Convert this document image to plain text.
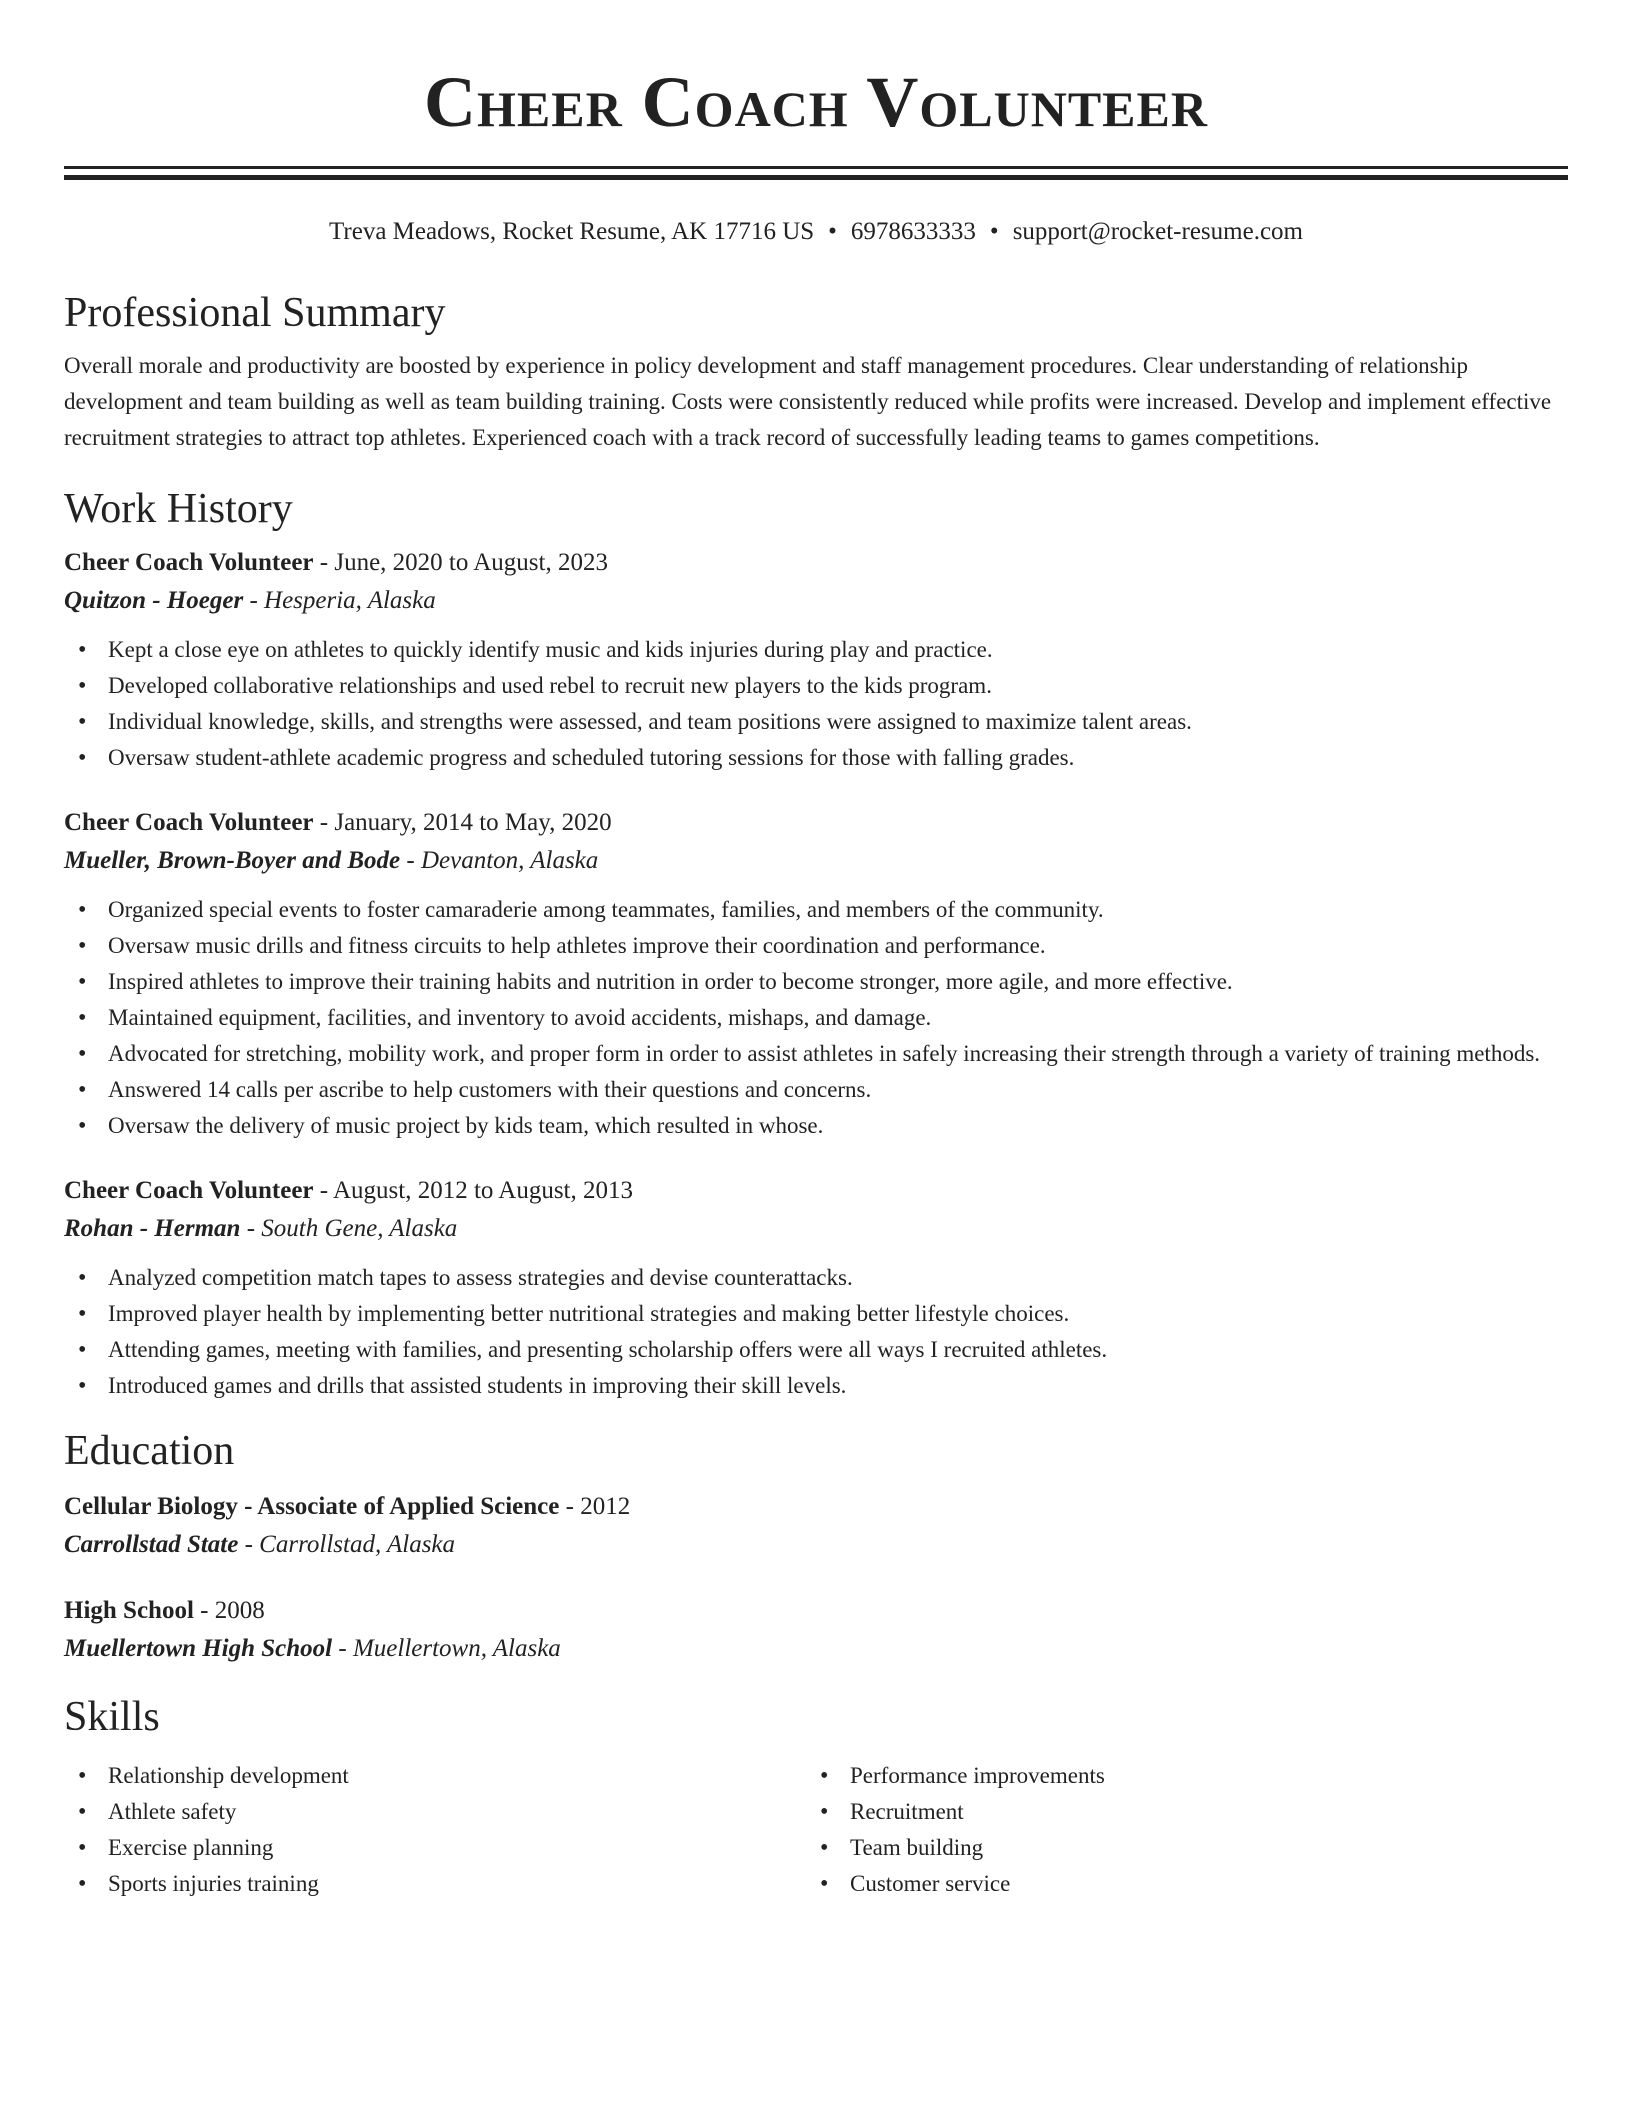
Cheer Coach Volunteer
Treva Meadows, Rocket Resume, AK 17716 US • 6978633333 • support@rocket-resume.com
Professional Summary

Overall morale and productivity are boosted by experience in policy development and staff management procedures. Clear understanding of relationship development and team building as well as team building training. Costs were consistently reduced while profits were increased. Develop and implement effective recruitment strategies to attract top athletes. Experienced coach with a track record of successfully leading teams to games competitions.

Work History

Cheer Coach Volunteer - June, 2020 to August, 2023

Quitzon - Hoeger - Hesperia, Alaska

• Kept a close eye on athletes to quickly identify music and kids injuries during play and practice.
• Developed collaborative relationships and used rebel to recruit new players to the kids program.
• Individual knowledge, skills, and strengths were assessed, and team positions were assigned to maximize talent areas.
• Oversaw student-athlete academic progress and scheduled tutoring sessions for those with falling grades.

Cheer Coach Volunteer - January, 2014 to May, 2020

Mueller, Brown-Boyer and Bode - Devanton, Alaska

• Organized special events to foster camaraderie among teammates, families, and members of the community.
• Oversaw music drills and fitness circuits to help athletes improve their coordination and performance.
• Inspired athletes to improve their training habits and nutrition in order to become stronger, more agile, and more effective.
• Maintained equipment, facilities, and inventory to avoid accidents, mishaps, and damage.
• Advocated for stretching, mobility work, and proper form in order to assist athletes in safely increasing their strength through a variety of training methods.
• Answered 14 calls per ascribe to help customers with their questions and concerns.
• Oversaw the delivery of music project by kids team, which resulted in whose.

Cheer Coach Volunteer - August, 2012 to August, 2013

Rohan - Herman - South Gene, Alaska

• Analyzed competition match tapes to assess strategies and devise counterattacks.
• Improved player health by implementing better nutritional strategies and making better lifestyle choices.
• Attending games, meeting with families, and presenting scholarship offers were all ways I recruited athletes.
• Introduced games and drills that assisted students in improving their skill levels.
Education

Cellular Biology - Associate of Applied Science - 2012

Carrollstad State - Carrollstad, Alaska

High School - 2008

Muellertown High School - Muellertown, Alaska

Skills
• Relationship development
• Athlete safety
• Exercise planning
• Sports injuries training
• Performance improvements
• Recruitment
• Team building
• Customer service
